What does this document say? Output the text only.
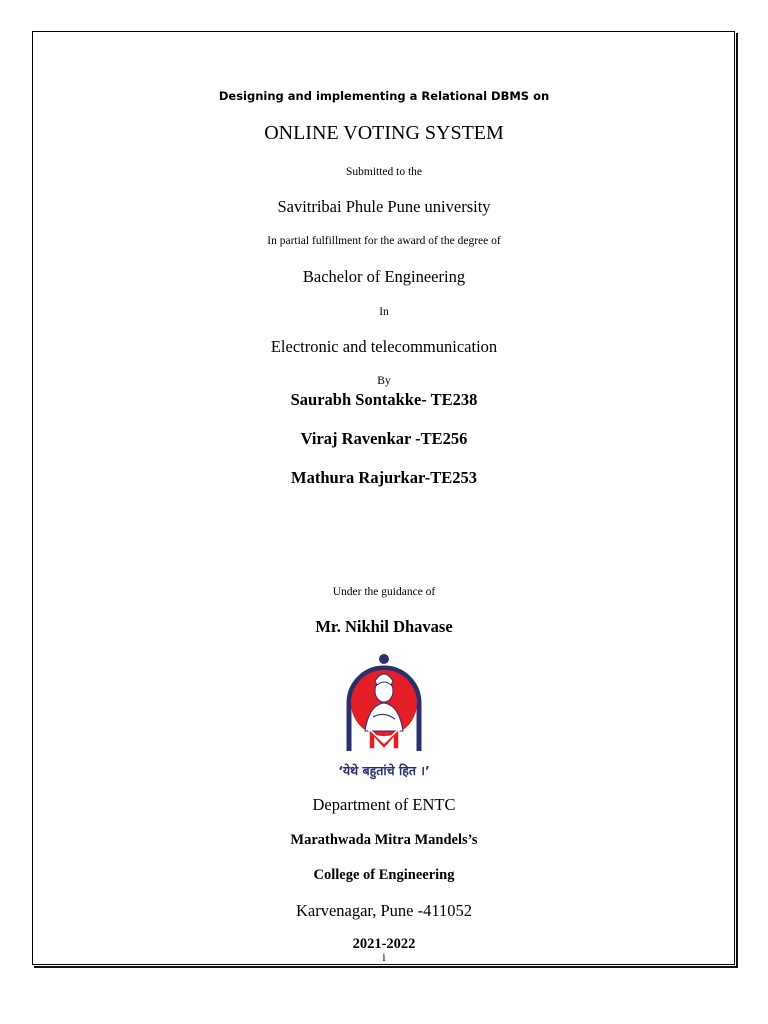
Designing and implementing a Relational DBMS on
ONLINE VOTING SYSTEM
Submitted to the
Savitribai Phule Pune university
In partial fulfillment for the award of the degree of
Bachelor of Engineering
In
Electronic and telecommunication
By
Saurabh Sontakke- TE238
Viraj Ravenkar -TE256
Mathura Rajurkar-TE253
Under the guidance of
Mr. Nikhil Dhavase
‘येथे बहुतांचे हित ।’
Department of ENTC
Marathwada Mitra Mandels’s
College of Engineering
Karvenagar, Pune -411052
2021-2022
i
